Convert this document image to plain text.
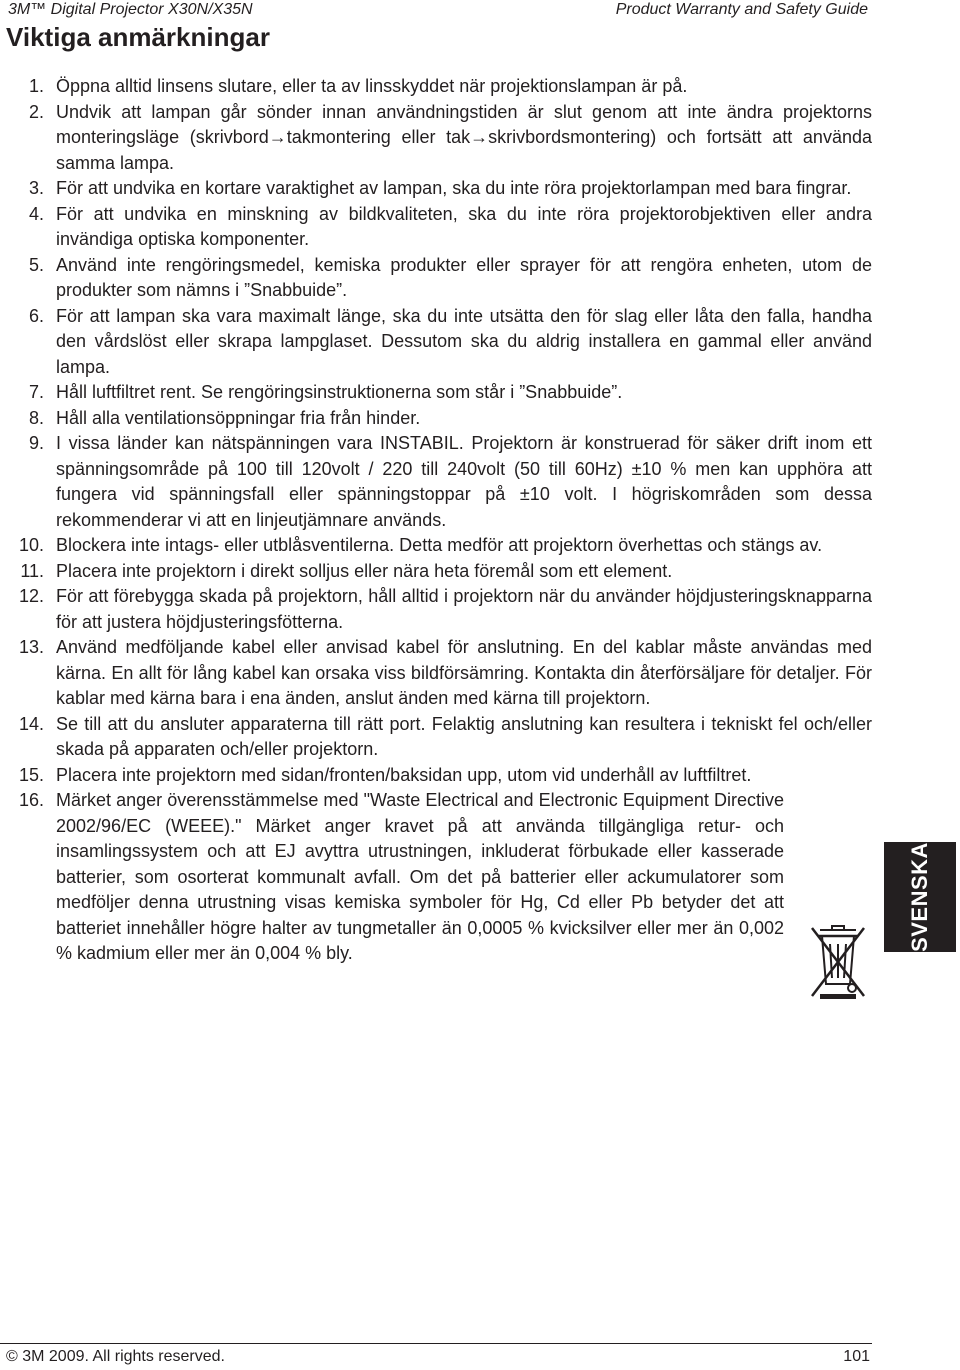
3M™ Digital Projector X30N/X35N	Product Warranty and Safety Guide
Viktiga anmärkningar
1. Öppna alltid linsens slutare, eller ta av linsskyddet när projektionslampan är på.
2. Undvik att lampan går sönder innan användningstiden är slut genom att inte ändra projektorns monteringsläge (skrivbord→takmontering eller tak→skrivbordsmontering) och fortsätt att använda samma lampa.
3. För att undvika en kortare varaktighet av lampan, ska du inte röra projektorlampan med bara fingrar.
4. För att undvika en minskning av bildkvaliteten, ska du inte röra projektorobjektiven eller andra invändiga optiska komponenter.
5. Använd inte rengöringsmedel, kemiska produkter eller sprayer för att rengöra enheten, utom de produkter som nämns i ”Snabbuide”.
6. För att lampan ska vara maximalt länge, ska du inte utsätta den för slag eller låta den falla, handha den vårdslöst eller skrapa lampglaset. Dessutom ska du aldrig installera en gammal eller använd lampa.
7. Håll luftfiltret rent. Se rengöringsinstruktionerna som står i ”Snabbuide”.
8. Håll alla ventilationsöppningar fria från hinder.
9. I vissa länder kan nätspänningen vara INSTABIL. Projektorn är konstruerad för säker drift inom ett spänningsområde på 100 till 120volt / 220 till 240volt (50 till 60Hz) ±10 % men kan upphöra att fungera vid spänningsfall eller spänningstoppar på ±10 volt. I högriskområden som dessa rekommenderar vi att en linjeutjämnare används.
10. Blockera inte intags- eller utblåsventilerna. Detta medför att projektorn överhettas och stängs av.
11. Placera inte projektorn i direkt solljus eller nära heta föremål som ett element.
12. För att förebygga skada på projektorn, håll alltid i projektorn när du använder höjdjusteringsknapparna för att justera höjdjusteringsfötterna.
13. Använd medföljande kabel eller anvisad kabel för anslutning. En del kablar måste användas med kärna. En allt för lång kabel kan orsaka viss bildförsämring. Kontakta din återförsäljare för detaljer. För kablar med kärna bara i ena änden, anslut änden med kärna till projektorn.
14. Se till att du ansluter apparaterna till rätt port. Felaktig anslutning kan resultera i tekniskt fel och/eller skada på apparaten och/eller projektorn.
15. Placera inte projektorn med sidan/fronten/baksidan upp, utom vid underhåll av luftfiltret.
16. Märket anger överensstämmelse med "Waste Electrical and Electronic Equipment Directive 2002/96/EC (WEEE)." Märket anger kravet på att använda tillgängliga retur- och insamlingssystem och att EJ avyttra utrustningen, inkluderat förbukade eller kasserade batterier, som osorterat kommunalt avfall. Om det på batterier eller ackumulatorer som medföljer denna utrustning visas kemiska symboler för Hg, Cd eller Pb betyder det att batteriet innehåller högre halter av tungmetaller än 0,0005 % kvicksilver eller mer än 0,002 % kadmium eller mer än 0,004 % bly.
SVENSKA
© 3M 2009. All rights reserved.	101
